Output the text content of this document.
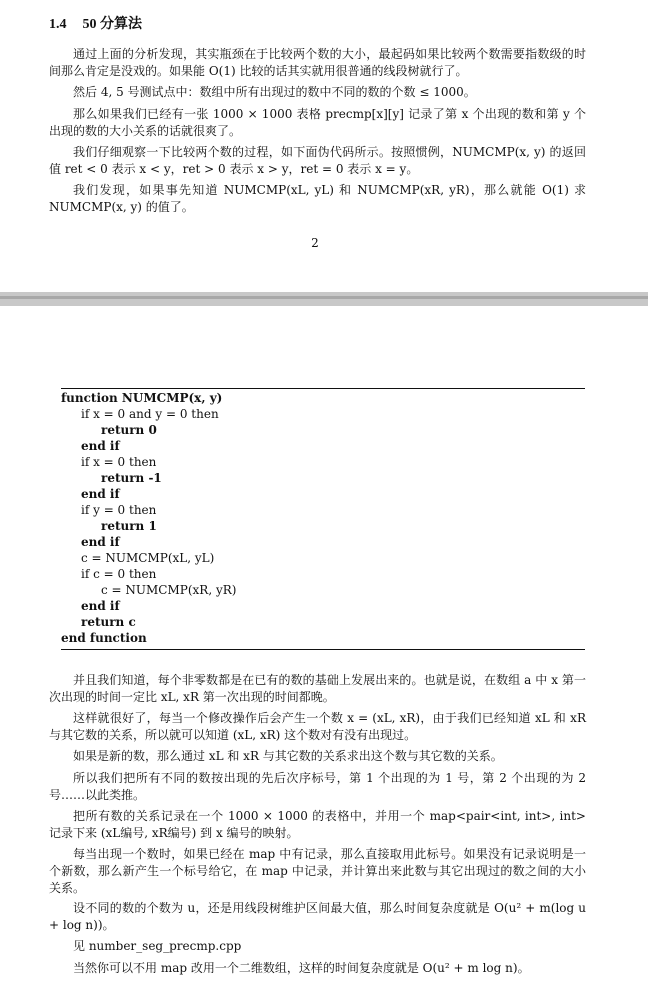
1.4 50 分算法
通过上面的分析发现，其实瓶颈在于比较两个数的大小，最起码如果比较两个数需要指数级的时间那么肯定是没戏的。如果能 O(1) 比较的话其实就用很普通的线段树就行了。
然后 4, 5 号测试点中：数组中所有出现过的数中不同的数的个数 ≤ 1000。
那么如果我们已经有一张 1000 × 1000 表格 precmp[x][y] 记录了第 x 个出现的数和第 y 个出现的数的大小关系的话就很爽了。
我们仔细观察一下比较两个数的过程，如下面伪代码所示。按照惯例，NUMCMP(x, y) 的返回值 ret < 0 表示 x < y，ret > 0 表示 x > y，ret = 0 表示 x = y。
我们发现，如果事先知道 NUMCMP(xL, yL) 和 NUMCMP(xR, yR)，那么就能 O(1) 求 NUMCMP(x, y) 的值了。
2
function NUMCMP(x, y)
if x = 0 and y = 0 then
return 0
end if
if x = 0 then
return -1
end if
if y = 0 then
return 1
end if
c = NUMCMP(xL, yL)
if c = 0 then
c = NUMCMP(xR, yR)
end if
return c
end function
并且我们知道，每个非零数都是在已有的数的基础上发展出来的。也就是说，在数组 a 中 x 第一次出现的时间一定比 xL, xR 第一次出现的时间都晚。
这样就很好了，每当一个修改操作后会产生一个数 x = (xL, xR)，由于我们已经知道 xL 和 xR 与其它数的关系，所以就可以知道 (xL, xR) 这个数对有没有出现过。
如果是新的数，那么通过 xL 和 xR 与其它数的关系求出这个数与其它数的关系。
所以我们把所有不同的数按出现的先后次序标号，第 1 个出现的为 1 号，第 2 个出现的为 2 号……以此类推。
把所有数的关系记录在一个 1000 × 1000 的表格中，并用一个 map<pair<int, int>, int> 记录下来 (xL编号, xR编号) 到 x 编号的映射。
每当出现一个数时，如果已经在 map 中有记录，那么直接取用此标号。如果没有记录说明是一个新数，那么新产生一个标号给它，在 map 中记录，并计算出来此数与其它出现过的数之间的大小关系。
设不同的数的个数为 u，还是用线段树维护区间最大值，那么时间复杂度就是 O(u² + m(log u + log n))。
见 number_seg_precmp.cpp
当然你可以不用 map 改用一个二维数组，这样的时间复杂度就是 O(u² + m log n)。
